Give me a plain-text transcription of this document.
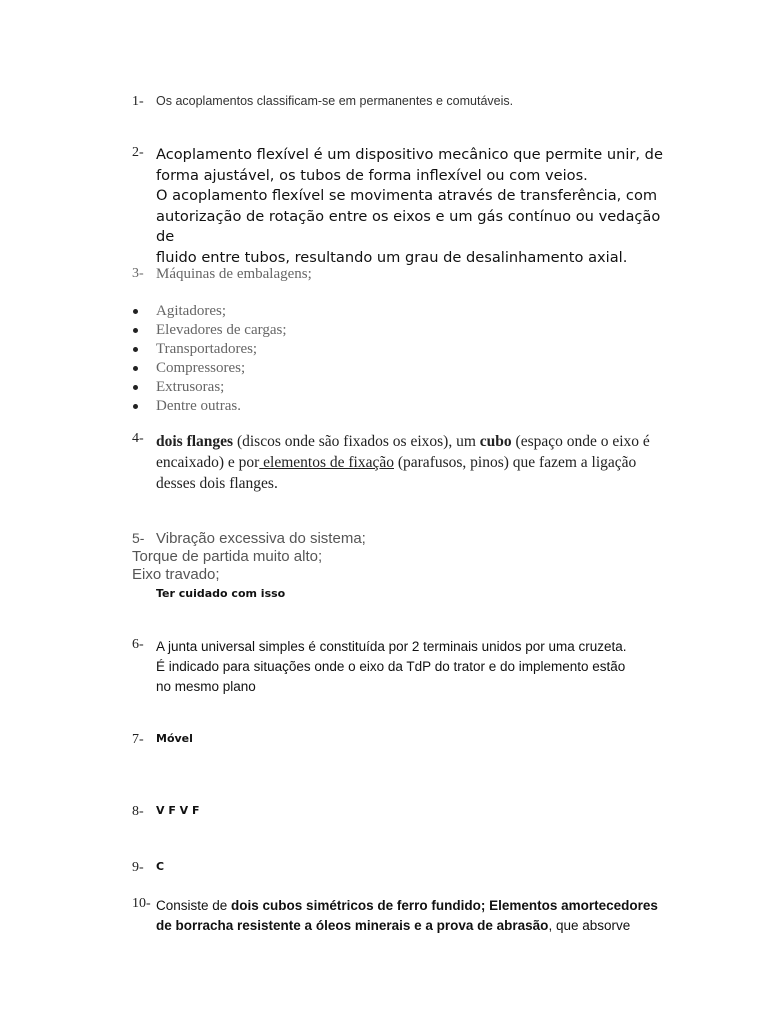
1- Os acoplamentos classificam-se em permanentes e comutáveis.
2- Acoplamento flexível é um dispositivo mecânico que permite unir, de
forma ajustável, os tubos de forma inflexível ou com veios.
O acoplamento flexível se movimenta através de transferência, com
autorização de rotação entre os eixos e um gás contínuo ou vedação de
fluido entre tubos, resultando um grau de desalinhamento axial.
3- Máquinas de embalagens;
Agitadores;
Elevadores de cargas;
Transportadores;
Compressores;
Extrusoras;
Dentre outras.
4- dois flanges (discos onde são fixados os eixos), um cubo (espaço onde o eixo é encaixado) e por elementos de fixação (parafusos, pinos) que fazem a ligação desses dois flanges.
5- Vibração excessiva do sistema;
Torque de partida muito alto;
Eixo travado;
Ter cuidado com isso
6- A junta universal simples é constituída por 2 terminais unidos por uma cruzeta.
É indicado para situações onde o eixo da TdP do trator e do implemento estão
no mesmo plano
7- Móvel
8- V F V F
9- C
10- Consiste de dois cubos simétricos de ferro fundido; Elementos amortecedores
de borracha resistente a óleos minerais e a prova de abrasão, que absorve
